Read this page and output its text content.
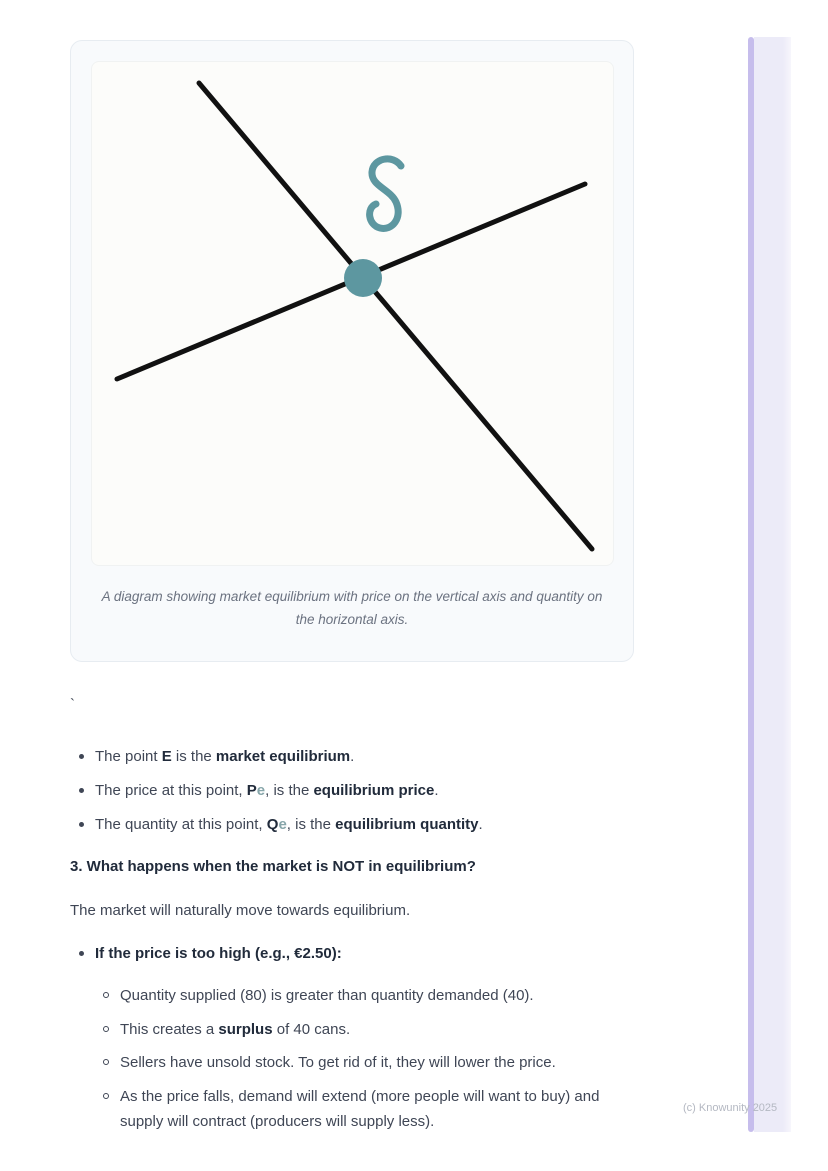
A diagram showing market equilibrium with price on the vertical axis and quantity on the horizontal axis.
`
The point E is the market equilibrium.
The price at this point, Pe, is the equilibrium price.
The quantity at this point, Qe, is the equilibrium quantity.
3. What happens when the market is NOT in equilibrium?
The market will naturally move towards equilibrium.
If the price is too high (e.g., €2.50):
Quantity supplied (80) is greater than quantity demanded (40).
This creates a surplus of 40 cans.
Sellers have unsold stock. To get rid of it, they will lower the price.
As the price falls, demand will extend (more people will want to buy) and supply will contract (producers will supply less).
(c) Knowunity 2025
